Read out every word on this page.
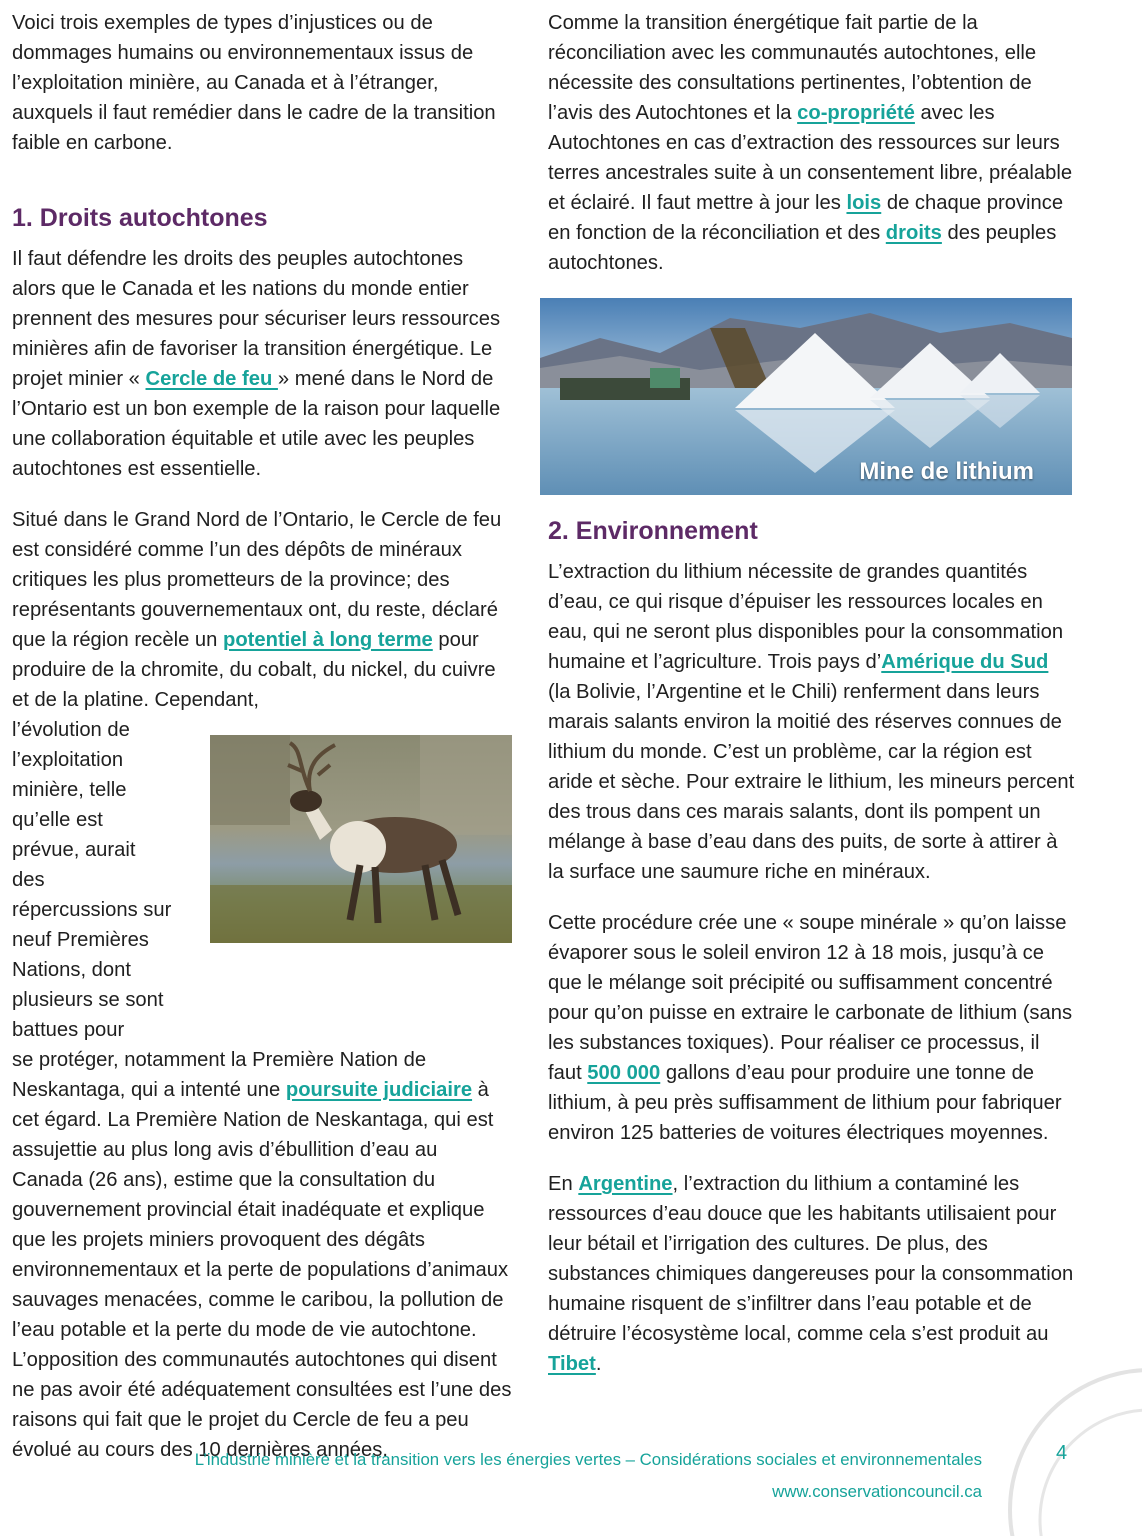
Voici trois exemples de types d’injustices ou de dommages humains ou environnementaux issus de l’exploitation minière, au Canada et à l’étranger, auxquels il faut remédier dans le cadre de la transition faible en carbone.

1. Droits autochtones

Il faut défendre les droits des peuples autochtones alors que le Canada et les nations du monde entier prennent des mesures pour sécuriser leurs ressources minières afin de favoriser la transition énergétique. Le projet minier « Cercle de feu » mené dans le Nord de l’Ontario est un bon exemple de la raison pour laquelle une collaboration équitable et utile avec les peuples autochtones est essentielle.

Situé dans le Grand Nord de l’Ontario, le Cercle de feu est considéré comme l’un des dépôts de minéraux critiques les plus prometteurs de la province; des représentants gouvernementaux ont, du reste, déclaré que la région recèle un potentiel à long terme pour produire de la chromite, du cobalt, du nickel, du cuivre et de la platine. Cependant,

l’évolution de l’exploitation minière, telle qu’elle est prévue, aurait des répercussions sur neuf Premières Nations, dont plusieurs se sont battues pour

se protéger, notamment la Première Nation de Neskantaga, qui a intenté une poursuite judiciaire à cet égard. La Première Nation de Neskantaga, qui est assujettie au plus long avis d’ébullition d’eau au Canada (26 ans), estime que la consultation du gouvernement provincial était inadéquate et explique que les projets miniers provoquent des dégâts environnementaux et la perte de populations d’animaux sauvages menacées, comme le caribou, la pollution de l’eau potable et la perte du mode de vie autochtone. L’opposition des communautés autochtones qui disent ne pas avoir été adéquatement consultées est l’une des raisons qui fait que le projet du Cercle de feu a peu évolué au cours des 10 dernières années.

Comme la transition énergétique fait partie de la réconciliation avec les communautés autochtones, elle nécessite des consultations pertinentes, l’obtention de l’avis des Autochtones et la co-propriété avec les Autochtones en cas d’extraction des ressources sur leurs terres ancestrales suite à un consentement libre, préalable et éclairé. Il faut mettre à jour les lois de chaque province en fonction de la réconciliation et des droits des peuples autochtones.

2. Environnement

L’extraction du lithium nécessite de grandes quantités d’eau, ce qui risque d’épuiser les ressources locales en eau, qui ne seront plus disponibles pour la consommation humaine et l’agriculture. Trois pays d’Amérique du Sud (la Bolivie, l’Argentine et le Chili) renferment dans leurs marais salants environ la moitié des réserves connues de lithium du monde. C’est un problème, car la région est aride et sèche. Pour extraire le lithium, les mineurs percent des trous dans ces marais salants, dont ils pompent un mélange à base d’eau dans des puits, de sorte à attirer à la surface une saumure riche en minéraux.

Cette procédure crée une « soupe minérale » qu’on laisse évaporer sous le soleil environ 12 à 18 mois, jusqu’à ce que le mélange soit précipité ou suffisamment concentré pour qu’on puisse en extraire le carbonate de lithium (sans les substances toxiques). Pour réaliser ce processus, il faut 500 000 gallons d’eau pour produire une tonne de lithium, à peu près suffisamment de lithium pour fabriquer environ 125 batteries de voitures électriques moyennes.

En Argentine, l’extraction du lithium a contaminé les ressources d’eau douce que les habitants utilisaient pour leur bétail et l’irrigation des cultures. De plus, des substances chimiques dangereuses pour la consommation humaine risquent de s’infiltrer dans l’eau potable et de détruire l’écosystème local, comme cela s’est produit au Tibet.

Mine de lithium
L’industrie minière et la transition vers les énergies vertes – Considérations sociales et environnementales
www.conservationcouncil.ca
4
